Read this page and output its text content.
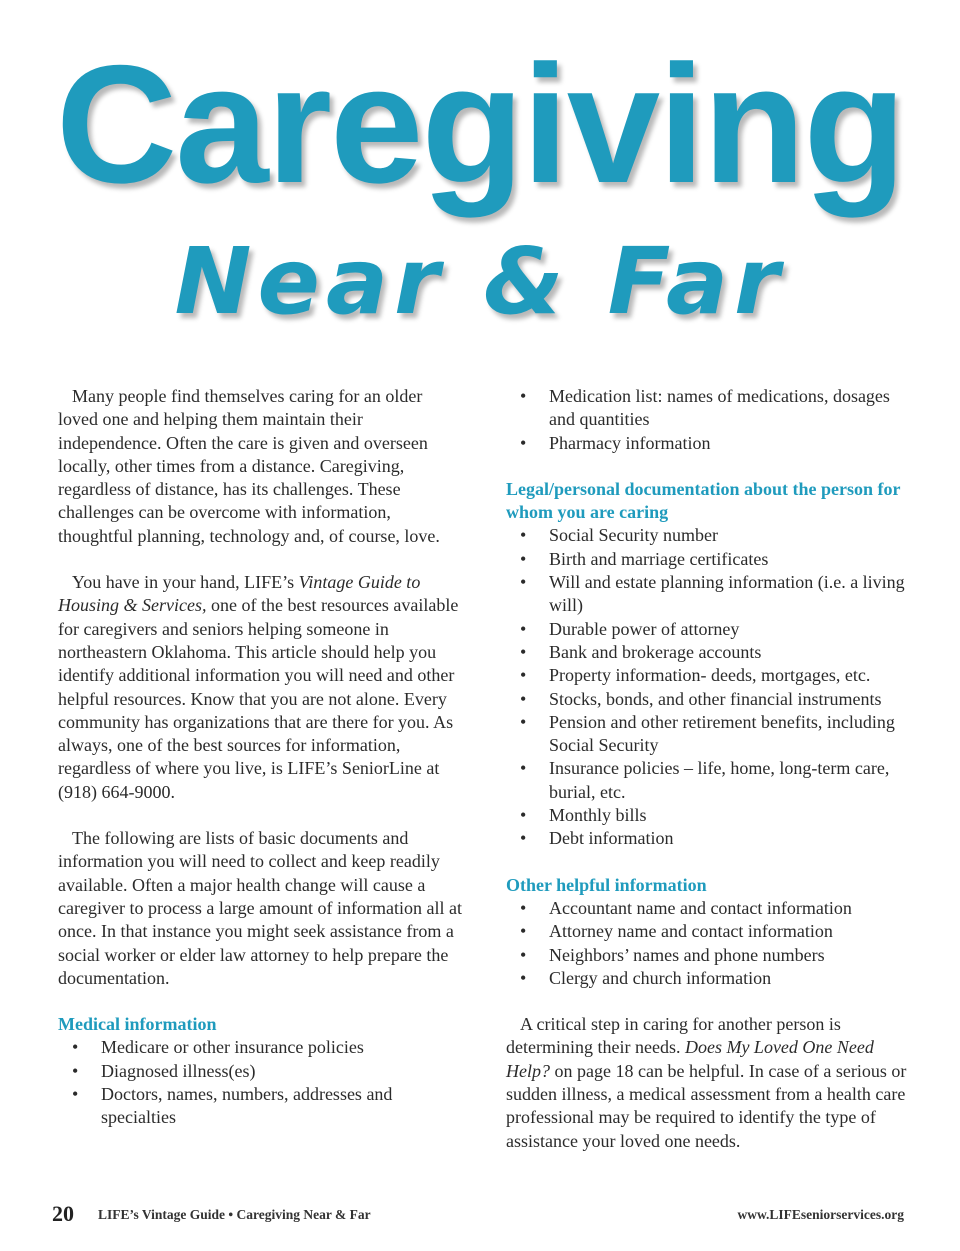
Caregiving
Near & Far

Many people find themselves caring for an older loved one and helping them maintain their independence. Often the care is given and overseen locally, other times from a distance. Caregiving, regardless of distance, has its challenges. These challenges can be overcome with information, thoughtful planning, technology and, of course, love.

You have in your hand, LIFE’s Vintage Guide to Housing & Services, one of the best resources available for caregivers and seniors helping someone in northeastern Oklahoma. This article should help you identify additional information you will need and other helpful resources. Know that you are not alone. Every community has organizations that are there for you. As always, one of the best sources for information, regardless of where you live, is LIFE’s SeniorLine at (918) 664-9000.

The following are lists of basic documents and information you will need to collect and keep readily available. Often a major health change will cause a caregiver to process a large amount of information all at once. In that instance you might seek assistance from a social worker or elder law attorney to help prepare the documentation.

Medical information
• Medicare or other insurance policies
• Diagnosed illness(es)
• Doctors, names, numbers, addresses and specialties
• Medication list: names of medications, dosages and quantities
• Pharmacy information
Legal/personal documentation about the person for whom you are caring
• Social Security number
• Birth and marriage certificates
• Will and estate planning information (i.e. a living will)
• Durable power of attorney
• Bank and brokerage accounts
• Property information- deeds, mortgages, etc.
• Stocks, bonds, and other financial instruments
• Pension and other retirement benefits, including Social Security
• Insurance policies – life, home, long-term care, burial, etc.
• Monthly bills
• Debt information
Other helpful information
• Accountant name and contact information
• Attorney name and contact information
• Neighbors’ names and phone numbers
• Clergy and church information

A critical step in caring for another person is determining their needs. Does My Loved One Need Help? on page 18 can be helpful. In case of a serious or sudden illness, a medical assessment from a health care professional may be required to identify the type of assistance your loved one needs.

20 LIFE’s Vintage Guide • Caregiving Near & Far	www.LIFEseniorservices.org
